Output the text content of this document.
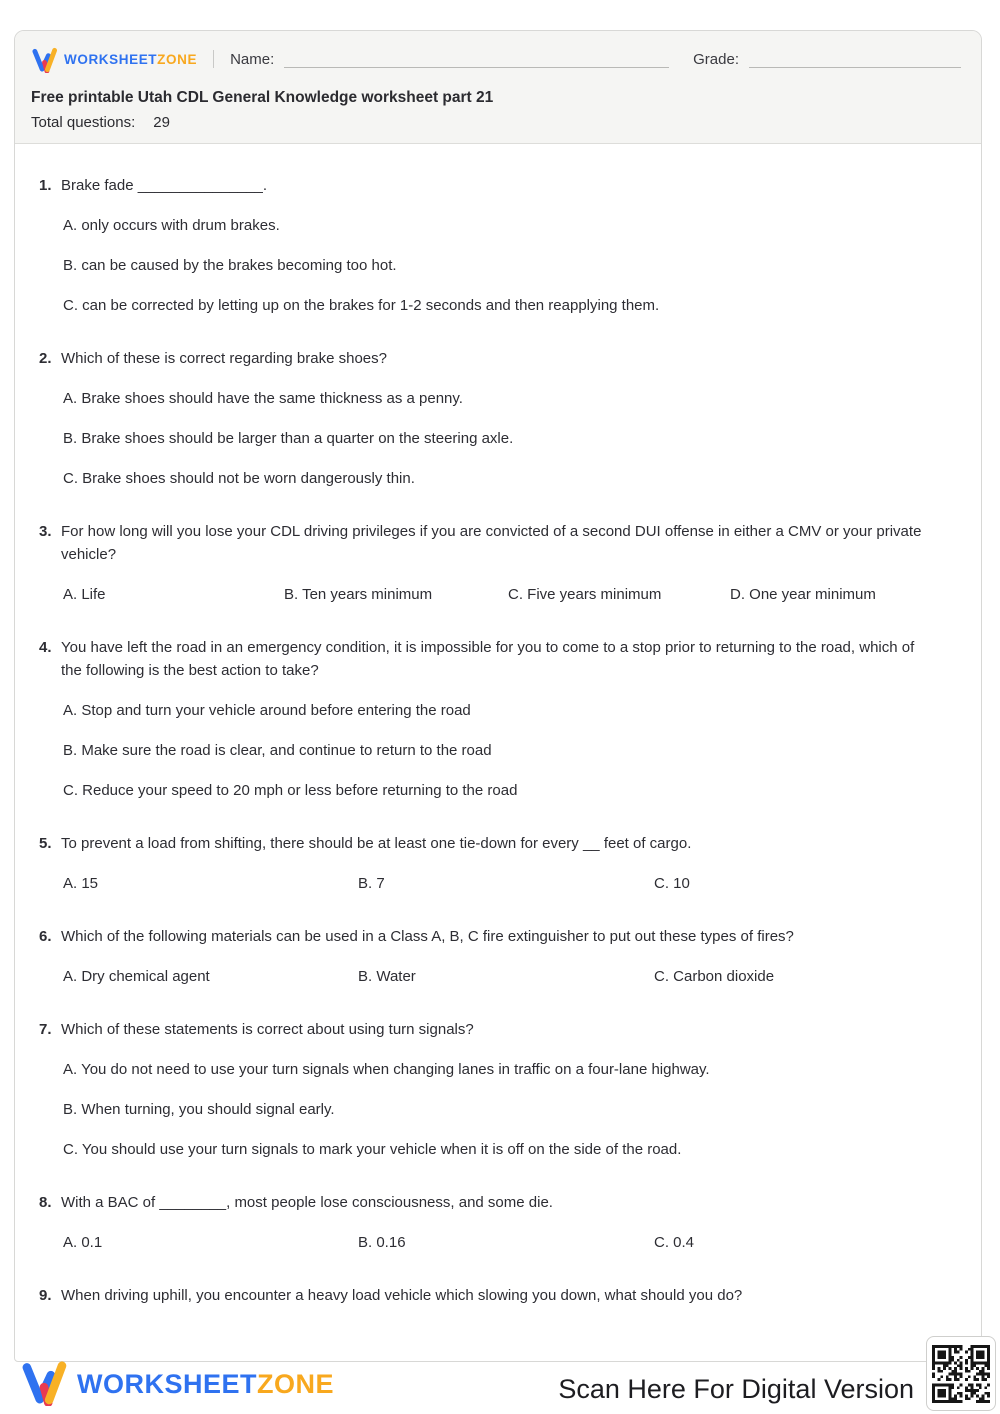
WORKSHEETZONE Name:	Grade:
Free printable Utah CDL General Knowledge worksheet part 21
Total questions: 29
1. Brake fade _______________.
A. only occurs with drum brakes.
B. can be caused by the brakes becoming too hot.
C. can be corrected by letting up on the brakes for 1-2 seconds and then reapplying them.
2. Which of these is correct regarding brake shoes?
A. Brake shoes should have the same thickness as a penny.
B. Brake shoes should be larger than a quarter on the steering axle.
C. Brake shoes should not be worn dangerously thin.
3. For how long will you lose your CDL driving privileges if you are convicted of a second DUI offense in either a CMV or your private vehicle?
A. Life	B. Ten years minimum	C. Five years minimum	D. One year minimum
4. You have left the road in an emergency condition, it is impossible for you to come to a stop prior to returning to the road, which of the following is the best action to take?
A. Stop and turn your vehicle around before entering the road
B. Make sure the road is clear, and continue to return to the road
C. Reduce your speed to 20 mph or less before returning to the road
5. To prevent a load from shifting, there should be at least one tie-down for every __ feet of cargo.
A. 15	B. 7	C. 10
6. Which of the following materials can be used in a Class A, B, C fire extinguisher to put out these types of fires?
A. Dry chemical agent	B. Water	C. Carbon dioxide
7. Which of these statements is correct about using turn signals?
A. You do not need to use your turn signals when changing lanes in traffic on a four-lane highway.
B. When turning, you should signal early.
C. You should use your turn signals to mark your vehicle when it is off on the side of the road.
8. With a BAC of ________, most people lose consciousness, and some die.
A. 0.1	B. 0.16	C. 0.4
9. When driving uphill, you encounter a heavy load vehicle which slowing you down, what should you do?
WORKSHEETZONE	Scan Here For Digital Version
